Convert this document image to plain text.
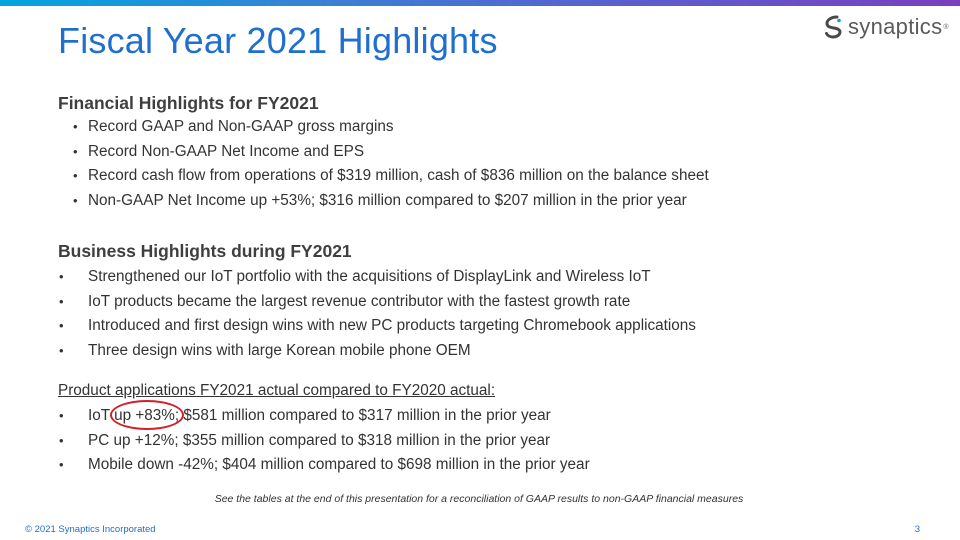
Fiscal Year 2021 Highlights	synaptics ®
Financial Highlights for FY2021
• Record GAAP and Non-GAAP gross margins
• Record Non-GAAP Net Income and EPS
• Record cash flow from operations of $319 million, cash of $836 million on the balance sheet
• Non-GAAP Net Income up +53%; $316 million compared to $207 million in the prior year
Business Highlights during FY2021
• Strengthened our IoT portfolio with the acquisitions of DisplayLink and Wireless IoT
• IoT products became the largest revenue contributor with the fastest growth rate
• Introduced and first design wins with new PC products targeting Chromebook applications
• Three design wins with large Korean mobile phone OEM
Product applications FY2021 actual compared to FY2020 actual:
• IoT up +83%; $581 million compared to $317 million in the prior year
• PC up +12%; $355 million compared to $318 million in the prior year
• Mobile down -42%; $404 million compared to $698 million in the prior year
See the tables at the end of this presentation for a reconciliation of GAAP results to non-GAAP financial measures
© 2021 Synaptics Incorporated	3
